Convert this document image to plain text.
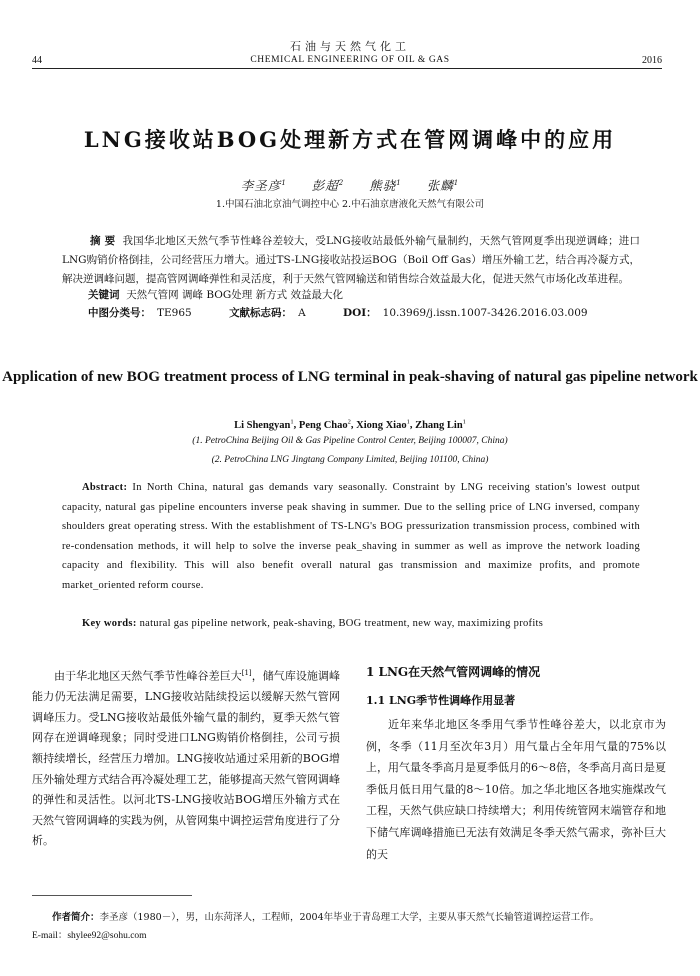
石油与天然气化工
44	CHEMICAL ENGINEERING OF OIL & GAS	2016
LNG接收站BOG处理新方式在管网调峰中的应用
李圣彦$^1$ 彭超$^2$ 熊骁$^1$ 张麟$^1$
1.中国石油北京油气调控中心 2.中石油京唐液化天然气有限公司
摘 要 我国华北地区天然气季节性峰谷差较大，受LNG接收站最低外输气量制约，天然气管网夏季出现逆调峰；进口LNG购销价格倒挂，公司经营压力增大。通过TS-LNG接收站投运BOG（Boil Off Gas）增压外输工艺，结合再冷凝方式，解决逆调峰问题，提高管网调峰弹性和灵活度，利于天然气管网输送和销售综合效益最大化，促进天然气市场化改革进程。
关键词 天然气管网 调峰 BOG处理 新方式 效益最大化
中图分类号： TE965	文献标志码： A	DOI： 10.3969/j.issn.1007-3426.2016.03.009
Application of new BOG treatment process of LNG terminal in peak-shaving of natural gas pipeline network
Li Shengyan$^1$, Peng Chao$^2$, Xiong Xiao$^1$, Zhang Lin$^1$
(1. PetroChina Beijing Oil & Gas Pipeline Control Center, Beijing 100007, China)
(2. PetroChina LNG Jingtang Company Limited, Beijing 101100, China)
Abstract: In North China, natural gas demands vary seasonally. Constraint by LNG receiving station's lowest output capacity, natural gas pipeline encounters inverse peak shaving in summer. Due to the selling price of LNG inversed, company shoulders great operating stress. With the establishment of TS-LNG's BOG pressurization transmission process, combined with re-condensation methods, it will help to solve the inverse peak_shaving in summer as well as improve the network loading capacity and flexibility. This will also benefit overall natural gas transmission and maximize profits, and promote market_oriented reform course.
Key words: natural gas pipeline network, peak-shaving, BOG treatment, new way, maximizing profits
由于华北地区天然气季节性峰谷差巨大[1]，储气库设施调峰能力仍无法满足需要，LNG接收站陆续投运以缓解天然气管网调峰压力。受LNG接收站最低外输气量的制约，夏季天然气管网存在逆调峰现象；同时受进口LNG购销价格倒挂，公司亏损额持续增长，经营压力增加。LNG接收站通过采用新的BOG增压外输处理方式结合再冷凝处理工艺，能够提高天然气管网调峰的弹性和灵活性。以河北TS-LNG接收站BOG增压外输方式在天然气管网调峰的实践为例，从管网集中调控运营角度进行了分析。
1 LNG在天然气管网调峰的情况
1.1 LNG季节性调峰作用显著
近年来华北地区冬季用气季节性峰谷差大，以北京市为例，冬季（11月至次年3月）用气量占全年用气量的75%以上，用气量冬季高月是夏季低月的6～8倍，冬季高月高日是夏季低月低日用气量的8～10倍。加之华北地区各地实施煤改气工程，天然气供应缺口持续增大；利用传统管网末端管存和地下储气库调峰措施已无法有效满足冬季天然气需求，弥补巨大的天
作者简介：李圣彦（1980－），男，山东菏泽人，工程师，2004年毕业于青岛理工大学，主要从事天然气长输管道调控运营工作。
E-mail：shylee92@sohu.com
